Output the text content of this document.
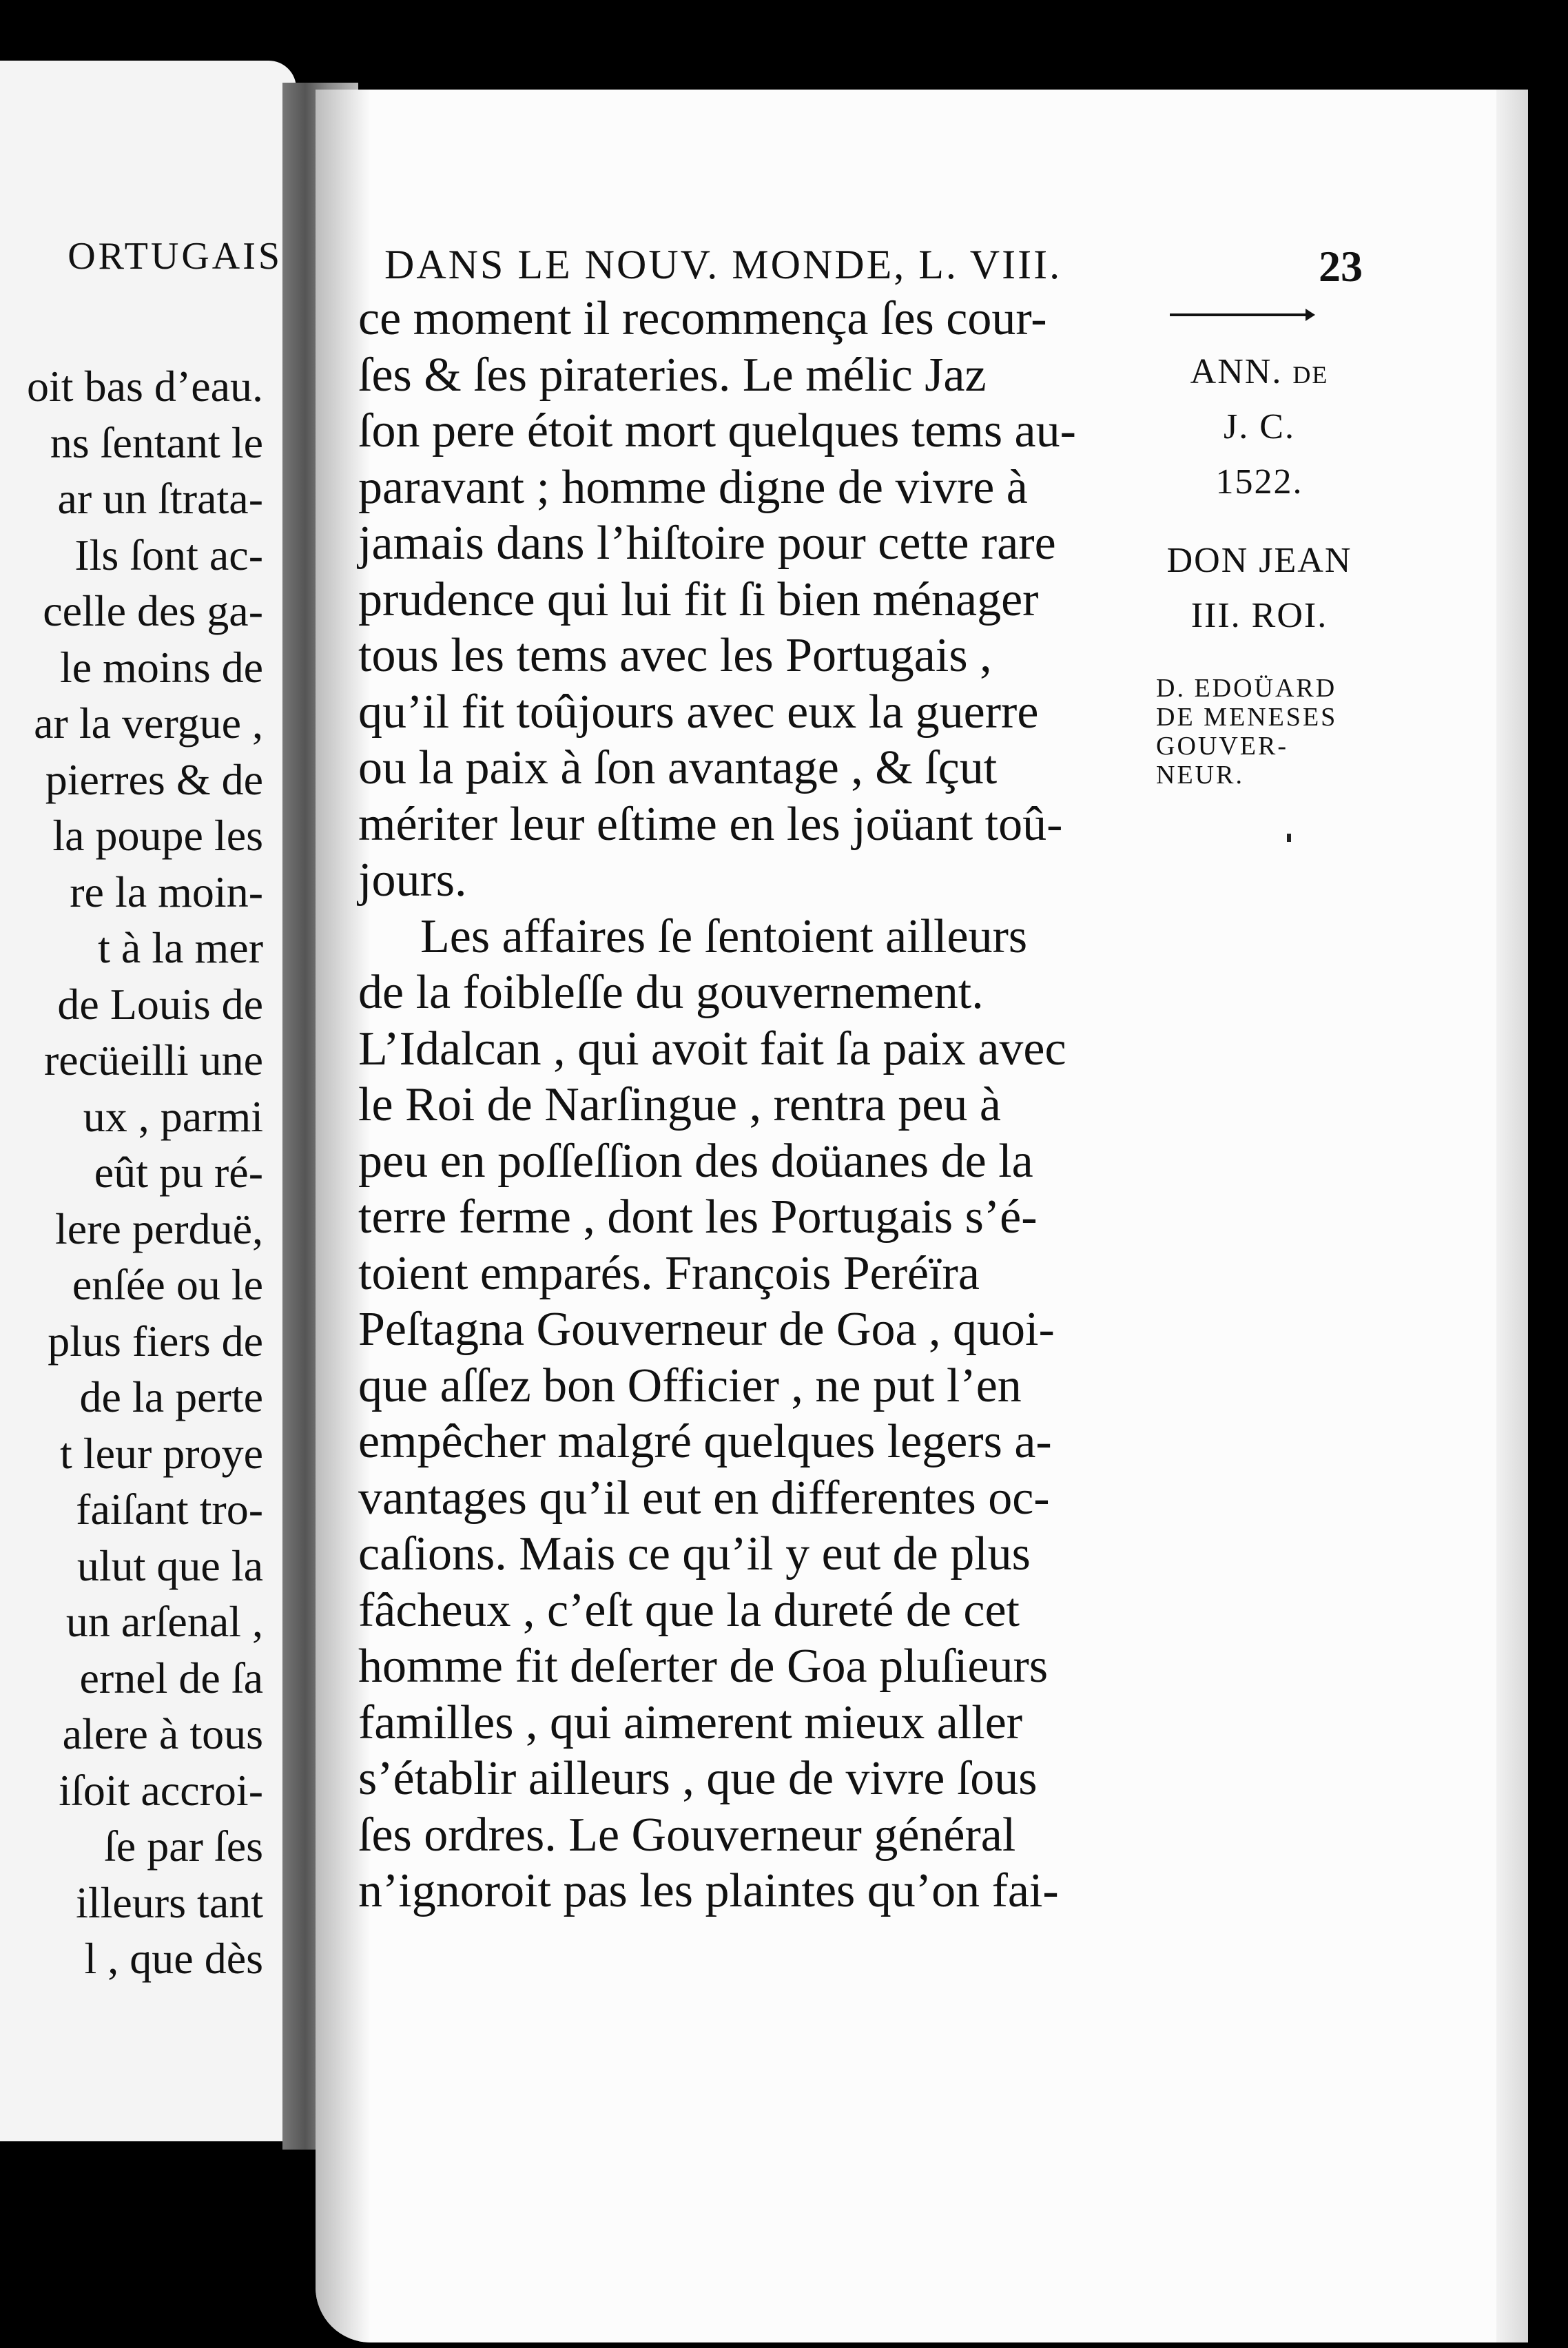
ORTUGAIS
oit bas d’eau.
ns ſentant le
ar un ſtrata-
Ils ſont ac-
celle des ga-
le moins de
ar la vergue ,
pierres & de
la poupe les
re la moin-
t à la mer
de Louis de
recüeilli une
ux , parmi
eût pu ré-
lere perduë,
enſée ou le
plus fiers de
de la perte
t leur proye
faiſant tro-
ulut que la
un arſenal ,
ernel de ſa
alere à tous
iſoit accroi-
ſe par ſes
illeurs tant
l , que dès
DANS LE NOUV. MONDE, L. VIII.	23
ce moment il recommença ſes cour-
ſes & ſes pirateries. Le mélic Jaz
ſon pere étoit mort quelques tems au-
paravant ; homme digne de vivre à
jamais dans l’hiſtoire pour cette rare
prudence qui lui fit ſi bien ménager
tous les tems avec les Portugais ,
qu’il fit toûjours avec eux la guerre
ou la paix à ſon avantage , & ſçut
mériter leur eſtime en les joüant toû-
jours.
Les affaires ſe ſentoient ailleurs
de la foibleſſe du gouvernement.
L’Idalcan , qui avoit fait ſa paix avec
le Roi de Narſingue , rentra peu à
peu en poſſeſſion des doüanes de la
terre ferme , dont les Portugais s’é-
toient emparés. François Peréïra
Peſtagna Gouverneur de Goa , quoi-
que aſſez bon Officier , ne put l’en
empêcher malgré quelques legers a-
vantages qu’il eut en differentes oc-
caſions. Mais ce qu’il y eut de plus
fâcheux , c’eſt que la dureté de cet
homme fit deſerter de Goa pluſieurs
familles , qui aimerent mieux aller
s’établir ailleurs , que de vivre ſous
ſes ordres. Le Gouverneur général
n’ignoroit pas les plaintes qu’on fai-
ANN. de
J. C.
1522.
DON JEAN
III. ROI.
D. EDOÜARD
DE MENESES
GOUVER-
NEUR.
